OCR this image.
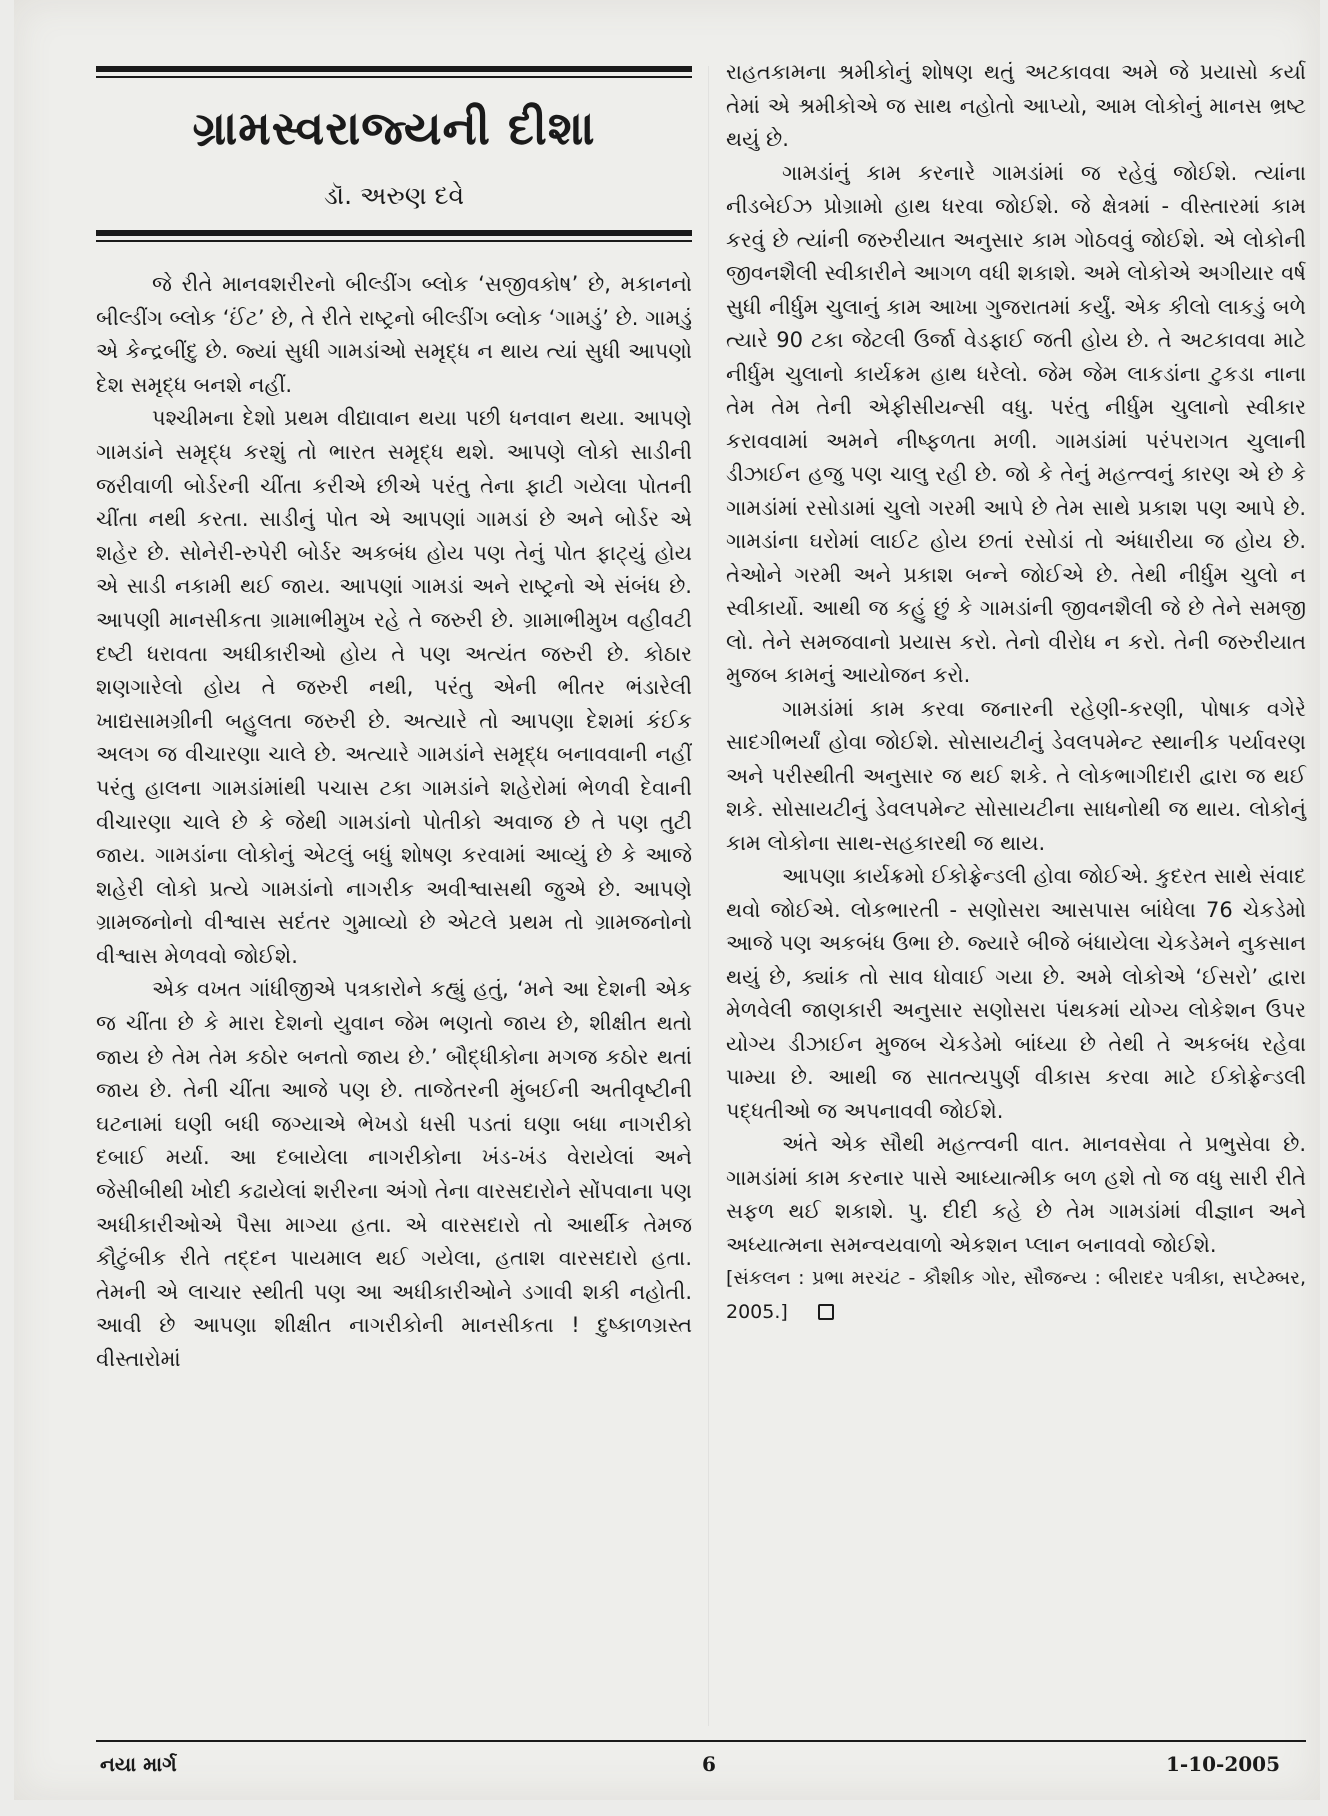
ગ્રામસ્વરાજ્યની દીશા
ડૉ. અરુણ દવે

જે રીતે માનવશરીરનો બીલ્ડીંગ બ્લોક ‘સજીવકોષ’ છે, મકાનનો બીલ્ડીંગ બ્લોક ‘ઈંટ’ છે, તે રીતે રાષ્ટ્રનો બીલ્ડીંગ બ્લોક ‘ગામડું’ છે. ગામડું એ કેન્દ્રબીંદુ છે. જ્યાં સુધી ગામડાંઓ સમૃદ્ધ ન થાય ત્યાં સુધી આપણો દેશ સમૃદ્ધ બનશે નહીં.

પશ્ચીમના દેશો પ્રથમ વીદ્યાવાન થયા પછી ધનવાન થયા. આપણે ગામડાંને સમૃદ્ધ કરશું તો ભારત સમૃદ્ધ થશે. આપણે લોકો સાડીની જરીવાળી બોર્ડરની ચીંતા કરીએ છીએ પરંતુ તેના ફાટી ગયેલા પોતની ચીંતા નથી કરતા. સાડીનું પોત એ આપણાં ગામડાં છે અને બોર્ડર એ શહેર છે. સોનેરી-રુપેરી બોર્ડર અકબંધ હોય પણ તેનું પોત ફાટ્યું હોય એ સાડી નકામી થઈ જાય. આપણાં ગામડાં અને રાષ્ટ્રનો એ સંબંધ છે. આપણી માનસીકતા ગ્રામાભીમુખ રહે તે જરુરી છે. ગ્રામાભીમુખ વહીવટી દષ્ટી ધરાવતા અધીકારીઓ હોય તે પણ અત્યંત જરુરી છે. કોઠાર શણગારેલો હોય તે જરુરી નથી, પરંતુ એની ભીતર ભંડારેલી ખાદ્યસામગ્રીની બહુલતા જરુરી છે. અત્યારે તો આપણા દેશમાં કંઈક અલગ જ વીચારણા ચાલે છે. અત્યારે ગામડાંને સમૃદ્ધ બનાવવાની નહીં પરંતુ હાલના ગામડાંમાંથી પચાસ ટકા ગામડાંને શહેરોમાં ભેળવી દેવાની વીચારણા ચાલે છે કે જેથી ગામડાંનો પોતીકો અવાજ છે તે પણ તુટી જાય. ગામડાંના લોકોનું એટલું બધું શોષણ કરવામાં આવ્યું છે કે આજે શહેરી લોકો પ્રત્યે ગામડાંનો નાગરીક અવીશ્વાસથી જુએ છે. આપણે ગ્રામજનોનો વીશ્વાસ સદંતર ગુમાવ્યો છે એટલે પ્રથમ તો ગ્રામજનોનો વીશ્વાસ મેળવવો જોઈશે.

એક વખત ગાંધીજીએ પત્રકારોને કહ્યું હતું, ‘મને આ દેશની એક જ ચીંતા છે કે મારા દેશનો યુવાન જેમ ભણતો જાય છે, શીક્ષીત થતો જાય છે તેમ તેમ કઠોર બનતો જાય છે.’ બૌદ્ધીકોના મગજ કઠોર થતાં જાય છે. તેની ચીંતા આજે પણ છે. તાજેતરની મુંબઈની અતીવૃષ્ટીની ઘટનામાં ઘણી બધી જગ્યાએ ભેખડો ધસી પડતાં ઘણા બધા નાગરીકો દબાઈ મર્યા. આ દબાયેલા નાગરીકોના ખંડ-ખંડ વેરાયેલાં અને જેસીબીથી ખોદી કઢાયેલાં શરીરના અંગો તેના વારસદારોને સોંપવાના પણ અધીકારીઓએ પૈસા માગ્યા હતા. એ વારસદારો તો આર્થીક તેમજ કૌટુંબીક રીતે તદ્દન પાયમાલ થઈ ગયેલા, હતાશ વારસદારો હતા. તેમની એ લાચાર સ્થીતી પણ આ અધીકારીઓને ડગાવી શકી નહોતી. આવી છે આપણા શીક્ષીત નાગરીકોની માનસીકતા ! દુષ્કાળગ્રસ્ત વીસ્તારોમાં

રાહતકામના શ્રમીકોનું શોષણ થતું અટકાવવા અમે જે પ્રયાસો કર્યા તેમાં એ શ્રમીકોએ જ સાથ નહોતો આપ્યો, આમ લોકોનું માનસ ભ્રષ્ટ થયું છે.

ગામડાંનું કામ કરનારે ગામડાંમાં જ રહેવું જોઈશે. ત્યાંના નીડબેઈઝ પ્રોગ્રામો હાથ ધરવા જોઈશે. જે ક્ષેત્રમાં - વીસ્તારમાં કામ કરવું છે ત્યાંની જરુરીયાત અનુસાર કામ ગોઠવવું જોઈશે. એ લોકોની જીવનશૈલી સ્વીકારીને આગળ વધી શકાશે. અમે લોકોએ અગીયાર વર્ષ સુધી નીર્ધુમ ચુલાનું કામ આખા ગુજરાતમાં કર્યું. એક કીલો લાકડું બળે ત્યારે 90 ટકા જેટલી ઉર્જા વેડફાઈ જતી હોય છે. તે અટકાવવા માટે નીર્ધુમ ચુલાનો કાર્યક્રમ હાથ ધરેલો. જેમ જેમ લાકડાંના ટુકડા નાના તેમ તેમ તેની એફીસીયન્સી વધુ. પરંતુ નીર્ધુમ ચુલાનો સ્વીકાર કરાવવામાં અમને નીષ્ફળતા મળી. ગામડાંમાં પરંપરાગત ચુલાની ડીઝાઈન હજુ પણ ચાલુ રહી છે. જો કે તેનું મહત્ત્વનું કારણ એ છે કે ગામડાંમાં રસોડામાં ચુલો ગરમી આપે છે તેમ સાથે પ્રકાશ પણ આપે છે. ગામડાંના ઘરોમાં લાઈટ હોય છતાં રસોડાં તો અંધારીયા જ હોય છે. તેઓને ગરમી અને પ્રકાશ બન્ને જોઈએ છે. તેથી નીર્ધુમ ચુલો ન સ્વીકાર્યો. આથી જ કહું છું કે ગામડાંની જીવનશૈલી જે છે તેને સમજી લો. તેને સમજવાનો પ્રયાસ કરો. તેનો વીરોધ ન કરો. તેની જરુરીયાત મુજબ કામનું આયોજન કરો.

ગામડાંમાં કામ કરવા જનારની રહેણી-કરણી, પોષાક વગેરે સાદગીભર્યાં હોવા જોઈશે. સોસાયટીનું ડેવલપમેન્ટ સ્થાનીક પર્યાવરણ અને પરીસ્થીતી અનુસાર જ થઈ શકે. તે લોકભાગીદારી દ્વારા જ થઈ શકે. સોસાયટીનું ડેવલપમેન્ટ સોસાયટીના સાધનોથી જ થાય. લોકોનું કામ લોકોના સાથ-સહકારથી જ થાય.

આપણા કાર્યક્રમો ઈકોફ્રેન્ડલી હોવા જોઈએ. કુદરત સાથે સંવાદ થવો જોઈએ. લોકભારતી - સણોસરા આસપાસ બાંધેલા 76 ચેકડેમો આજે પણ અકબંધ ઉભા છે. જ્યારે બીજે બંધાયેલા ચેકડેમને નુકસાન થયું છે, ક્યાંક તો સાવ ધોવાઈ ગયા છે. અમે લોકોએ ‘ઈસરો’ દ્વારા મેળવેલી જાણકારી અનુસાર સણોસરા પંથકમાં યોગ્ય લોકેશન ઉપર યોગ્ય ડીઝાઈન મુજબ ચેકડેમો બાંધ્યા છે તેથી તે અકબંધ રહેવા પામ્યા છે. આથી જ સાતત્યપુર્ણ વીકાસ કરવા માટે ઈકોફ્રેન્ડલી પદ્ધતીઓ જ અપનાવવી જોઈશે.

અંતે એક સૌથી મહત્ત્વની વાત. માનવસેવા તે પ્રભુસેવા છે. ગામડાંમાં કામ કરનાર પાસે આધ્યાત્મીક બળ હશે તો જ વધુ સારી રીતે સફળ થઈ શકાશે. પુ. દીદી કહે છે તેમ ગામડાંમાં વીજ્ઞાન અને અધ્યાત્મના સમન્વયવાળો એકશન પ્લાન બનાવવો જોઈશે.

[સંકલન : પ્રભા મરચંટ - કૌશીક ગોર, સૌજન્ય : બીરાદર પત્રીકા, સપ્ટેમ્બર, 2005.]

નયા માર્ગ	6	1-10-2005
